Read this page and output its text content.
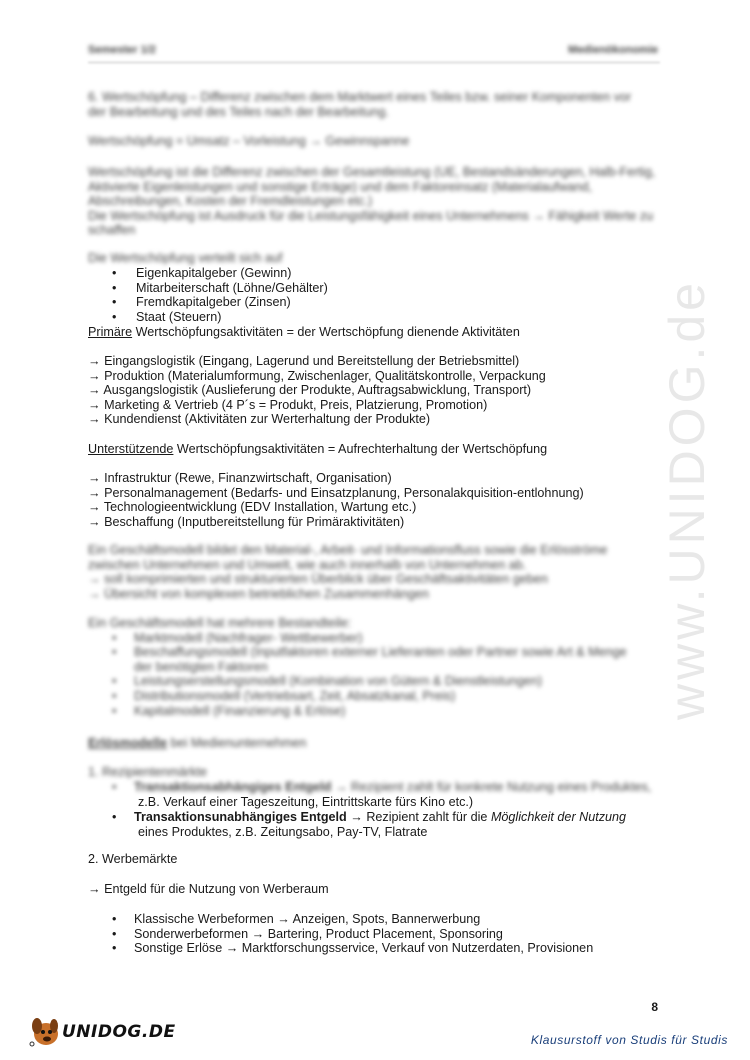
www.UNIDOG.de
Semester 1/2	Medienökonomie
6. Wertschöpfung – Differenz zwischen dem Marktwert eines Teiles bzw. seiner Komponenten vor
der Bearbeitung und des Teiles nach der Bearbeitung.
Wertschöpfung = Umsatz – Vorleistung → Gewinnspanne
Wertschöpfung ist die Differenz zwischen der Gesamtleistung (UE, Bestandsänderungen, Halb-Fertig,
Aktivierte Eigenleistungen und sonstige Erträge) und dem Faktoreinsatz (Materialaufwand,
Abschreibungen, Kosten der Fremdleistungen etc.)
Die Wertschöpfung ist Ausdruck für die Leistungsfähigkeit eines Unternehmens → Fähigkeit Werte zu
schaffen
Die Wertschöpfung verteilt sich auf
• Eigenkapitalgeber (Gewinn)
• Mitarbeiterschaft (Löhne/Gehälter)
• Fremdkapitalgeber (Zinsen)
• Staat (Steuern)
Primäre Wertschöpfungsaktivitäten = der Wertschöpfung dienende Aktivitäten
→ Eingangslogistik (Eingang, Lagerund und Bereitstellung der Betriebsmittel)
→ Produktion (Materialumformung, Zwischenlager, Qualitätskontrolle, Verpackung
→ Ausgangslogistik (Auslieferung der Produkte, Auftragsabwicklung, Transport)
→ Marketing & Vertrieb (4 P´s = Produkt, Preis, Platzierung, Promotion)
→ Kundendienst (Aktivitäten zur Werterhaltung der Produkte)
Unterstützende Wertschöpfungsaktivitäten = Aufrechterhaltung der Wertschöpfung
→ Infrastruktur (Rewe, Finanzwirtschaft, Organisation)
→ Personalmanagement (Bedarfs- und Einsatzplanung, Personalakquisition-entlohnung)
→ Technologieentwicklung (EDV Installation, Wartung etc.)
→ Beschaffung (Inputbereitstellung für Primäraktivitäten)
Ein Geschäftsmodell bildet den Material-, Arbeit- und Informationsfluss sowie die Erlösströme
zwischen Unternehmen und Umwelt, wie auch innerhalb von Unternehmen ab.
→ soll komprimierten und strukturierten Überblick über Geschäftsaktivitäten geben
→ Übersicht von komplexen betrieblichen Zusammenhängen
Ein Geschäftsmodell hat mehrere Bestandteile:
• Marktmodell (Nachfrager- Wettbewerber)
• Beschaffungsmodell (Inputfaktoren externer Lieferanten oder Partner sowie Art & Menge
der benötigten Faktoren
• Leistungserstellungsmodell (Kombination von Gütern & Dienstleistungen)
• Distributionsmodell (Vertriebsart, Zeit, Absatzkanal, Preis)
• Kapitalmodell (Finanzierung & Erlöse)
Erlösmodelle bei Medienunternehmen
1. Rezipientenmärkte
• Transaktionsabhängiges Entgeld → Rezipient zahlt für konkrete Nutzung eines Produktes,
z.B. Verkauf einer Tageszeitung, Eintrittskarte fürs Kino etc.)
• Transaktionsunabhängiges Entgeld → Rezipient zahlt für die Möglichkeit der Nutzung
eines Produktes, z.B. Zeitungsabo, Pay-TV, Flatrate
2. Werbemärkte
→ Entgeld für die Nutzung von Werberaum
• Klassische Werbeformen → Anzeigen, Spots, Bannerwerbung
• Sonderwerbeformen → Bartering, Product Placement, Sponsoring
• Sonstige Erlöse → Marktforschungsservice, Verkauf von Nutzerdaten, Provisionen
8
UNIDOG.DE	Klausurstoff von Studis für Studis
